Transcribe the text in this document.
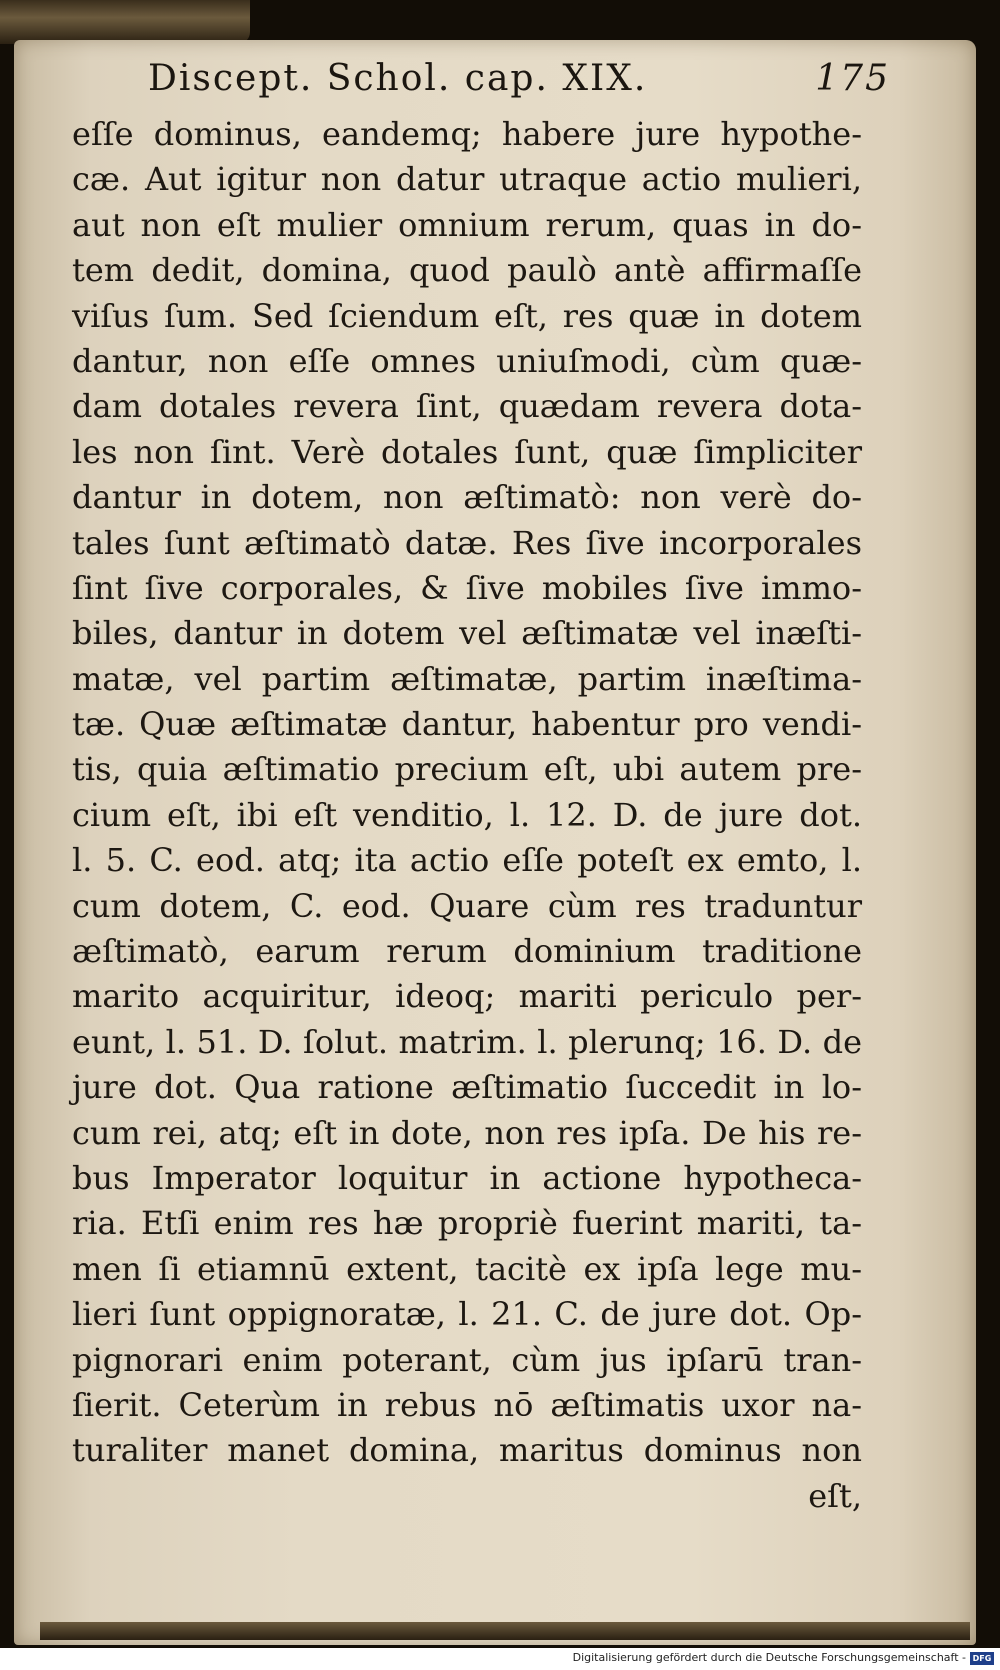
Discept. Schol. cap. XIX.	175
eſſe dominus, eandemq; habere jure hypothe-
cæ. Aut igitur non datur utraque actio mulieri,
aut non eſt mulier omnium rerum, quas in do-
tem dedit, domina, quod paulò antè affirmaſſe
viſus ſum. Sed ſciendum eſt, res quæ in dotem
dantur, non eſſe omnes uniuſmodi, cùm quæ-
dam dotales revera ſint, quædam revera dota-
les non ſint. Verè dotales ſunt, quæ ſimpliciter
dantur in dotem, non æſtimatò: non verè do-
tales ſunt æſtimatò datæ. Res ſive incorporales
ſint ſive corporales, & ſive mobiles ſive immo-
biles, dantur in dotem vel æſtimatæ vel inæſti-
matæ, vel partim æſtimatæ, partim inæſtima-
tæ. Quæ æſtimatæ dantur, habentur pro vendi-
tis, quia æſtimatio precium eſt, ubi autem pre-
cium eſt, ibi eſt venditio, l. 12. D. de jure dot.
l. 5. C. eod. atq; ita actio eſſe poteſt ex emto, l.
cum dotem, C. eod. Quare cùm res traduntur
æſtimatò, earum rerum dominium traditione
marito acquiritur, ideoq; mariti periculo per-
eunt, l. 51. D. ſolut. matrim. l. plerunq; 16. D. de
jure dot. Qua ratione æſtimatio ſuccedit in lo-
cum rei, atq; eſt in dote, non res ipſa. De his re-
bus Imperator loquitur in actione hypotheca-
ria. Etſi enim res hæ propriè fuerint mariti, ta-
men ſi etiamnū extent, tacitè ex ipſa lege mu-
lieri ſunt oppignoratæ, l. 21. C. de jure dot. Op-
pignorari enim poterant, cùm jus ipſarū tran-
ſierit. Ceterùm in rebus nō æſtimatis uxor na-
turaliter manet domina, maritus dominus non
eſt,
Digitalisierung gefördert durch die Deutsche Forschungsgemeinschaft - DFG
